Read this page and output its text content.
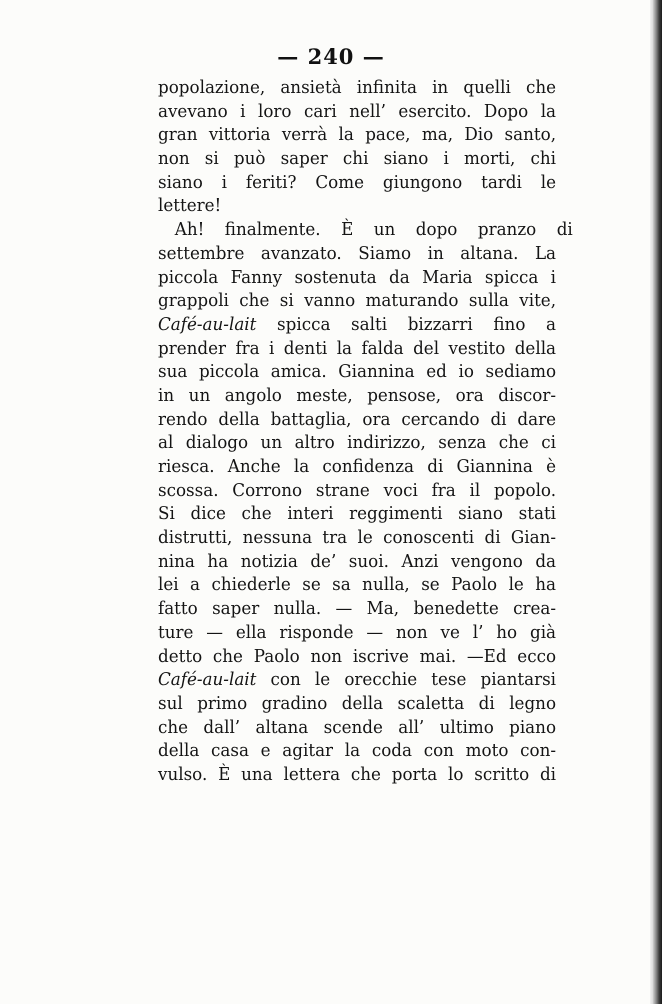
— 240 —
popolazione, ansietà infinita in quelli che
avevano i loro cari nell’ esercito. Dopo la
gran vittoria verrà la pace, ma, Dio santo,
non si può saper chi siano i morti, chi
siano i feriti? Come giungono tardi le
lettere!
Ah! finalmente. È un dopo pranzo di
settembre avanzato. Siamo in altana. La
piccola Fanny sostenuta da Maria spicca i
grappoli che si vanno maturando sulla vite,
Café-au-lait spicca salti bizzarri fino a
prender fra i denti la falda del vestito della
sua piccola amica. Giannina ed io sediamo
in un angolo meste, pensose, ora discor-
rendo della battaglia, ora cercando di dare
al dialogo un altro indirizzo, senza che ci
riesca. Anche la confidenza di Giannina è
scossa. Corrono strane voci fra il popolo.
Si dice che interi reggimenti siano stati
distrutti, nessuna tra le conoscenti di Gian-
nina ha notizia de’ suoi. Anzi vengono da
lei a chiederle se sa nulla, se Paolo le ha
fatto saper nulla. — Ma, benedette crea-
ture — ella risponde — non ve l’ ho già
detto che Paolo non iscrive mai. —Ed ecco
Café-au-lait con le orecchie tese piantarsi
sul primo gradino della scaletta di legno
che dall’ altana scende all’ ultimo piano
della casa e agitar la coda con moto con-
vulso. È una lettera che porta lo scritto di
